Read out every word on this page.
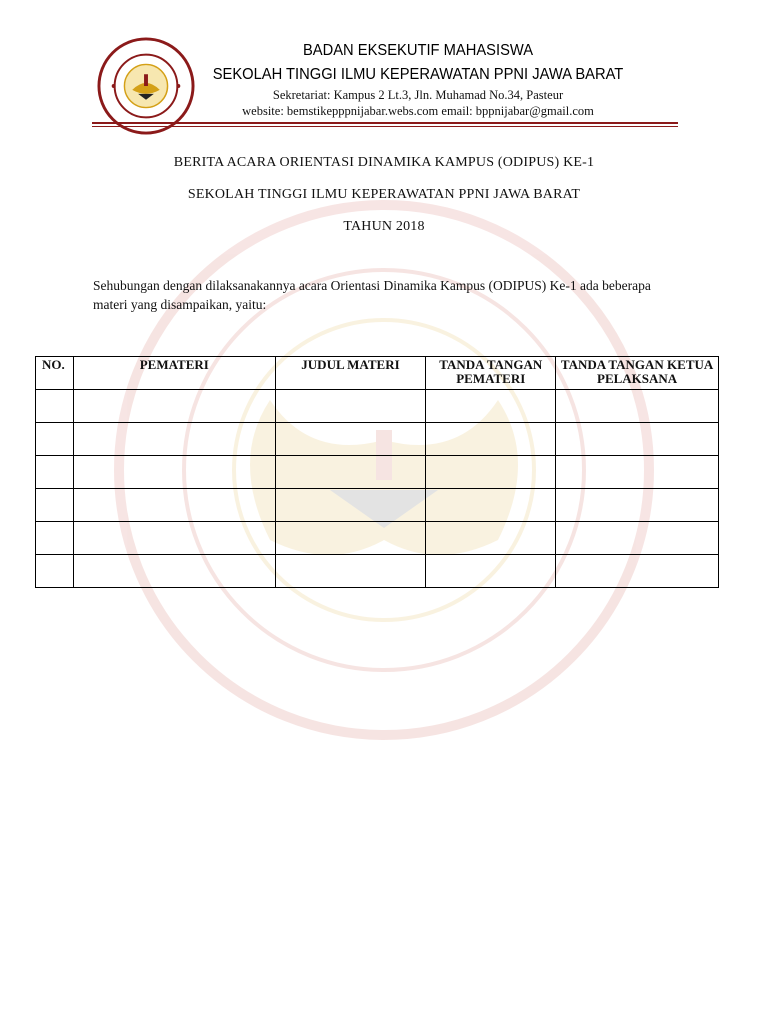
BADAN EKSEKUTIF MAHASISWA
SEKOLAH TINGGI ILMU KEPERAWATAN PPNI JAWA BARAT
Sekretariat: Kampus 2 Lt.3, Jln. Muhamad No.34, Pasteur
website: bemstikepppnijabar.webs.com email: bppnijabar@gmail.com
BERITA ACARA ORIENTASI DINAMIKA KAMPUS (ODIPUS) KE-1
SEKOLAH TINGGI ILMU KEPERAWATAN PPNI JAWA BARAT
TAHUN 2018
Sehubungan dengan dilaksanakannya acara Orientasi Dinamika Kampus (ODIPUS) Ke-1 ada beberapa materi yang disampaikan, yaitu:
NO.	PEMATERI	JUDUL MATERI	TANDA TANGAN PEMATERI	TANDA TANGAN KETUA PELAKSANA
